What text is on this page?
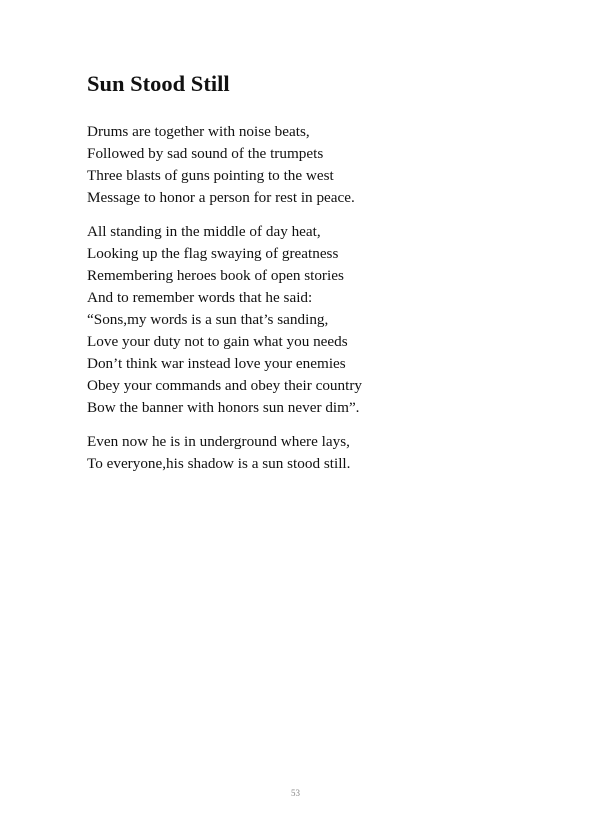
Sun Stood Still
Drums are together with noise beats,
Followed by sad sound of the trumpets
Three blasts of guns pointing to the west
Message to honor a person for rest in peace.
All standing in the middle of day heat,
Looking up the flag swaying of greatness
Remembering heroes book of open stories
And to remember words that he said:
“Sons,my words is a sun that’s sanding,
Love your duty not to gain what you needs
Don’t think war instead love your enemies
Obey your commands and obey their country
Bow the banner with honors sun never dim”.
Even now he is in underground where lays,
To everyone,his shadow is a sun stood still.
53
